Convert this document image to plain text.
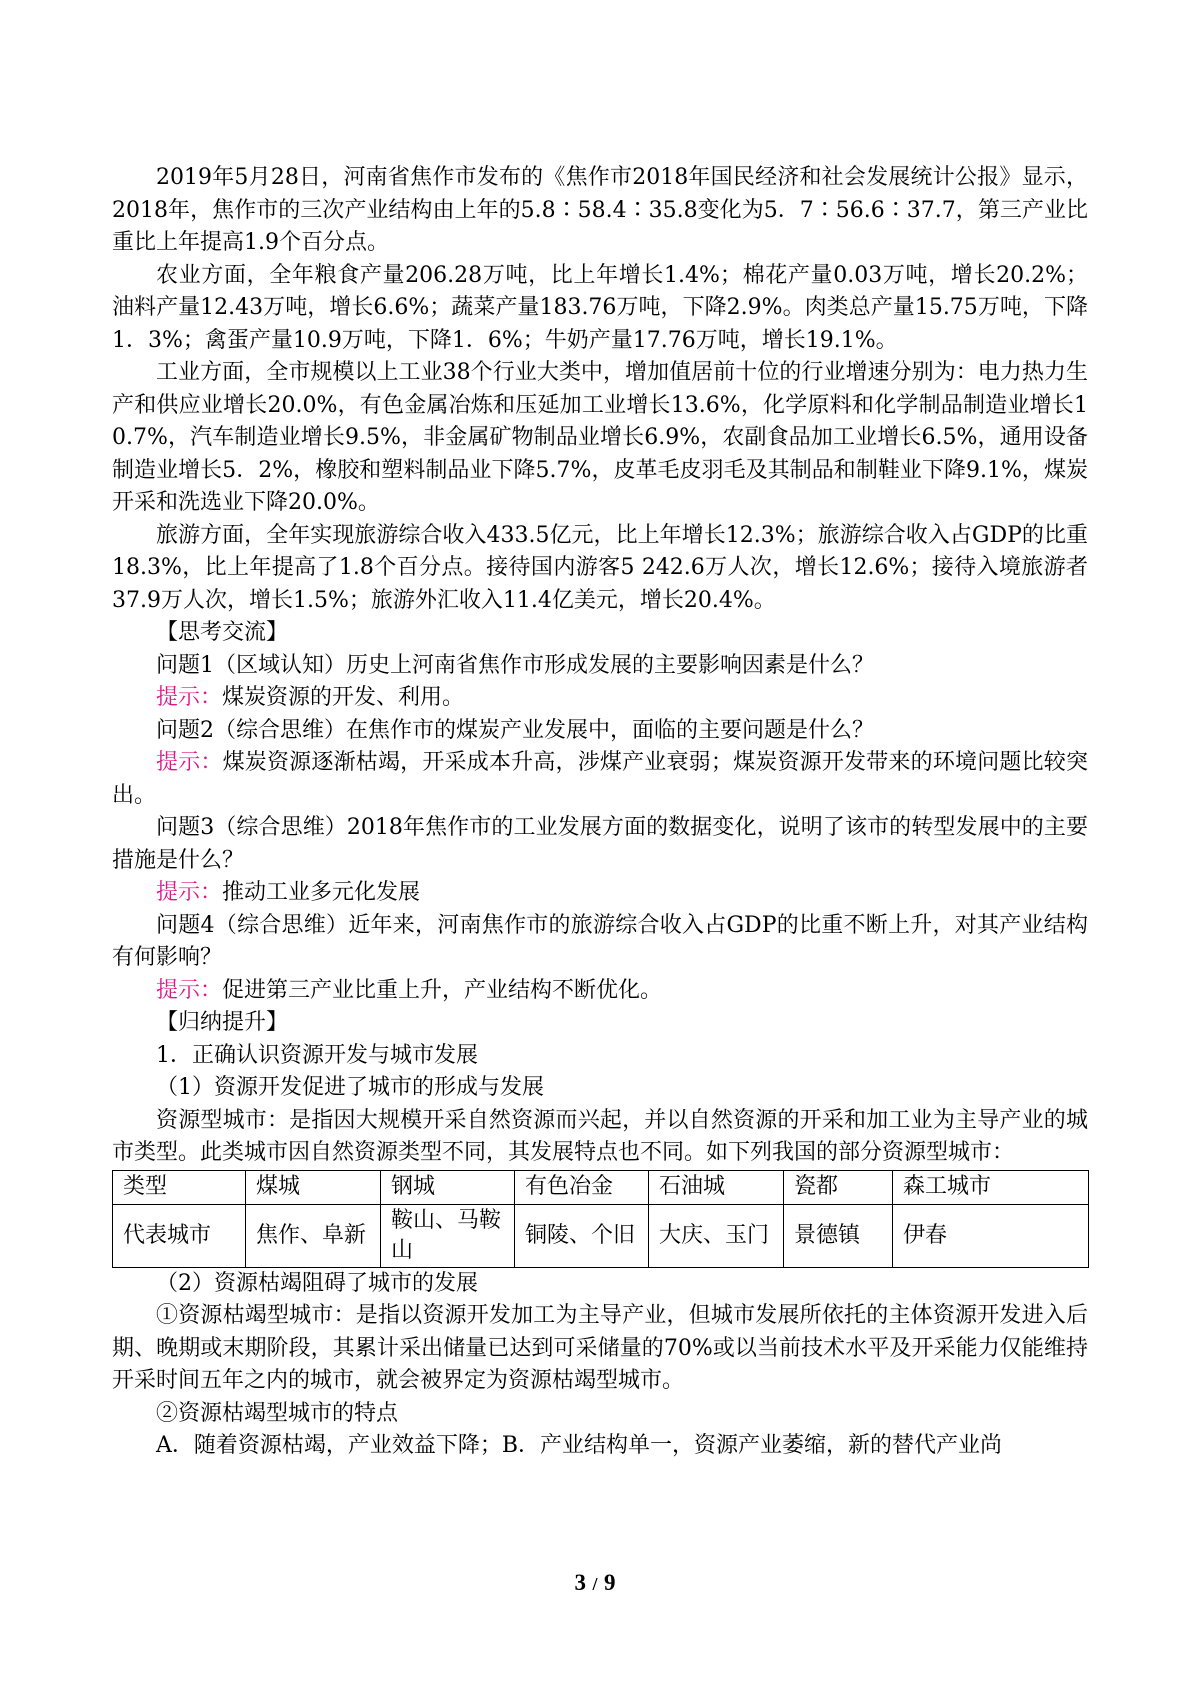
2019年5月28日，河南省焦作市发布的《焦作市2018年国民经济和社会发展统计公报》显示，2018年，焦作市的三次产业结构由上年的5.8∶58.4∶35.8变化为5．7∶56.6∶37.7，第三产业比重比上年提高1.9个百分点。

农业方面，全年粮食产量206.28万吨，比上年增长1.4%；棉花产量0.03万吨，增长20.2%；油料产量12.43万吨，增长6.6%；蔬菜产量183.76万吨，下降2.9%。肉类总产量15.75万吨，下降1．3%；禽蛋产量10.9万吨，下降1．6%；牛奶产量17.76万吨，增长19.1%。

工业方面，全市规模以上工业38个行业大类中，增加值居前十位的行业增速分别为：电力热力生产和供应业增长20.0%，有色金属冶炼和压延加工业增长13.6%，化学原料和化学制品制造业增长10.7%，汽车制造业增长9.5%，非金属矿物制品业增长6.9%，农副食品加工业增长6.5%，通用设备制造业增长5．2%，橡胶和塑料制品业下降5.7%，皮革毛皮羽毛及其制品和制鞋业下降9.1%，煤炭开采和洗选业下降20.0%。

旅游方面，全年实现旅游综合收入433.5亿元，比上年增长12.3%；旅游综合收入占GDP的比重18.3%，比上年提高了1.8个百分点。接待国内游客5 242.6万人次，增长12.6%；接待入境旅游者37.9万人次，增长1.5%；旅游外汇收入11.4亿美元，增长20.4%。

【思考交流】

问题1（区域认知）历史上河南省焦作市形成发展的主要影响因素是什么？

提示：煤炭资源的开发、利用。

问题2（综合思维）在焦作市的煤炭产业发展中，面临的主要问题是什么？

提示：煤炭资源逐渐枯竭，开采成本升高，涉煤产业衰弱；煤炭资源开发带来的环境问题比较突出。

问题3（综合思维）2018年焦作市的工业发展方面的数据变化，说明了该市的转型发展中的主要措施是什么？

提示：推动工业多元化发展

问题4（综合思维）近年来，河南焦作市的旅游综合收入占GDP的比重不断上升，对其产业结构有何影响？

提示：促进第三产业比重上升，产业结构不断优化。

【归纳提升】

1．正确认识资源开发与城市发展

（1）资源开发促进了城市的形成与发展

资源型城市：是指因大规模开采自然资源而兴起，并以自然资源的开采和加工业为主导产业的城市类型。此类城市因自然资源类型不同，其发展特点也不同。如下列我国的部分资源型城市：

类型	煤城	钢城	有色冶金	石油城	瓷都	森工城市
代表城市	焦作、阜新	鞍山、马鞍山	铜陵、个旧	大庆、玉门	景德镇	伊春

（2）资源枯竭阻碍了城市的发展

①资源枯竭型城市：是指以资源开发加工为主导产业，但城市发展所依托的主体资源开发进入后期、晚期或末期阶段，其累计采出储量已达到可采储量的70%或以当前技术水平及开采能力仅能维持开采时间五年之内的城市，就会被界定为资源枯竭型城市。

②资源枯竭型城市的特点

A．随着资源枯竭，产业效益下降；B．产业结构单一，资源产业萎缩，新的替代产业尚

3 / 9
